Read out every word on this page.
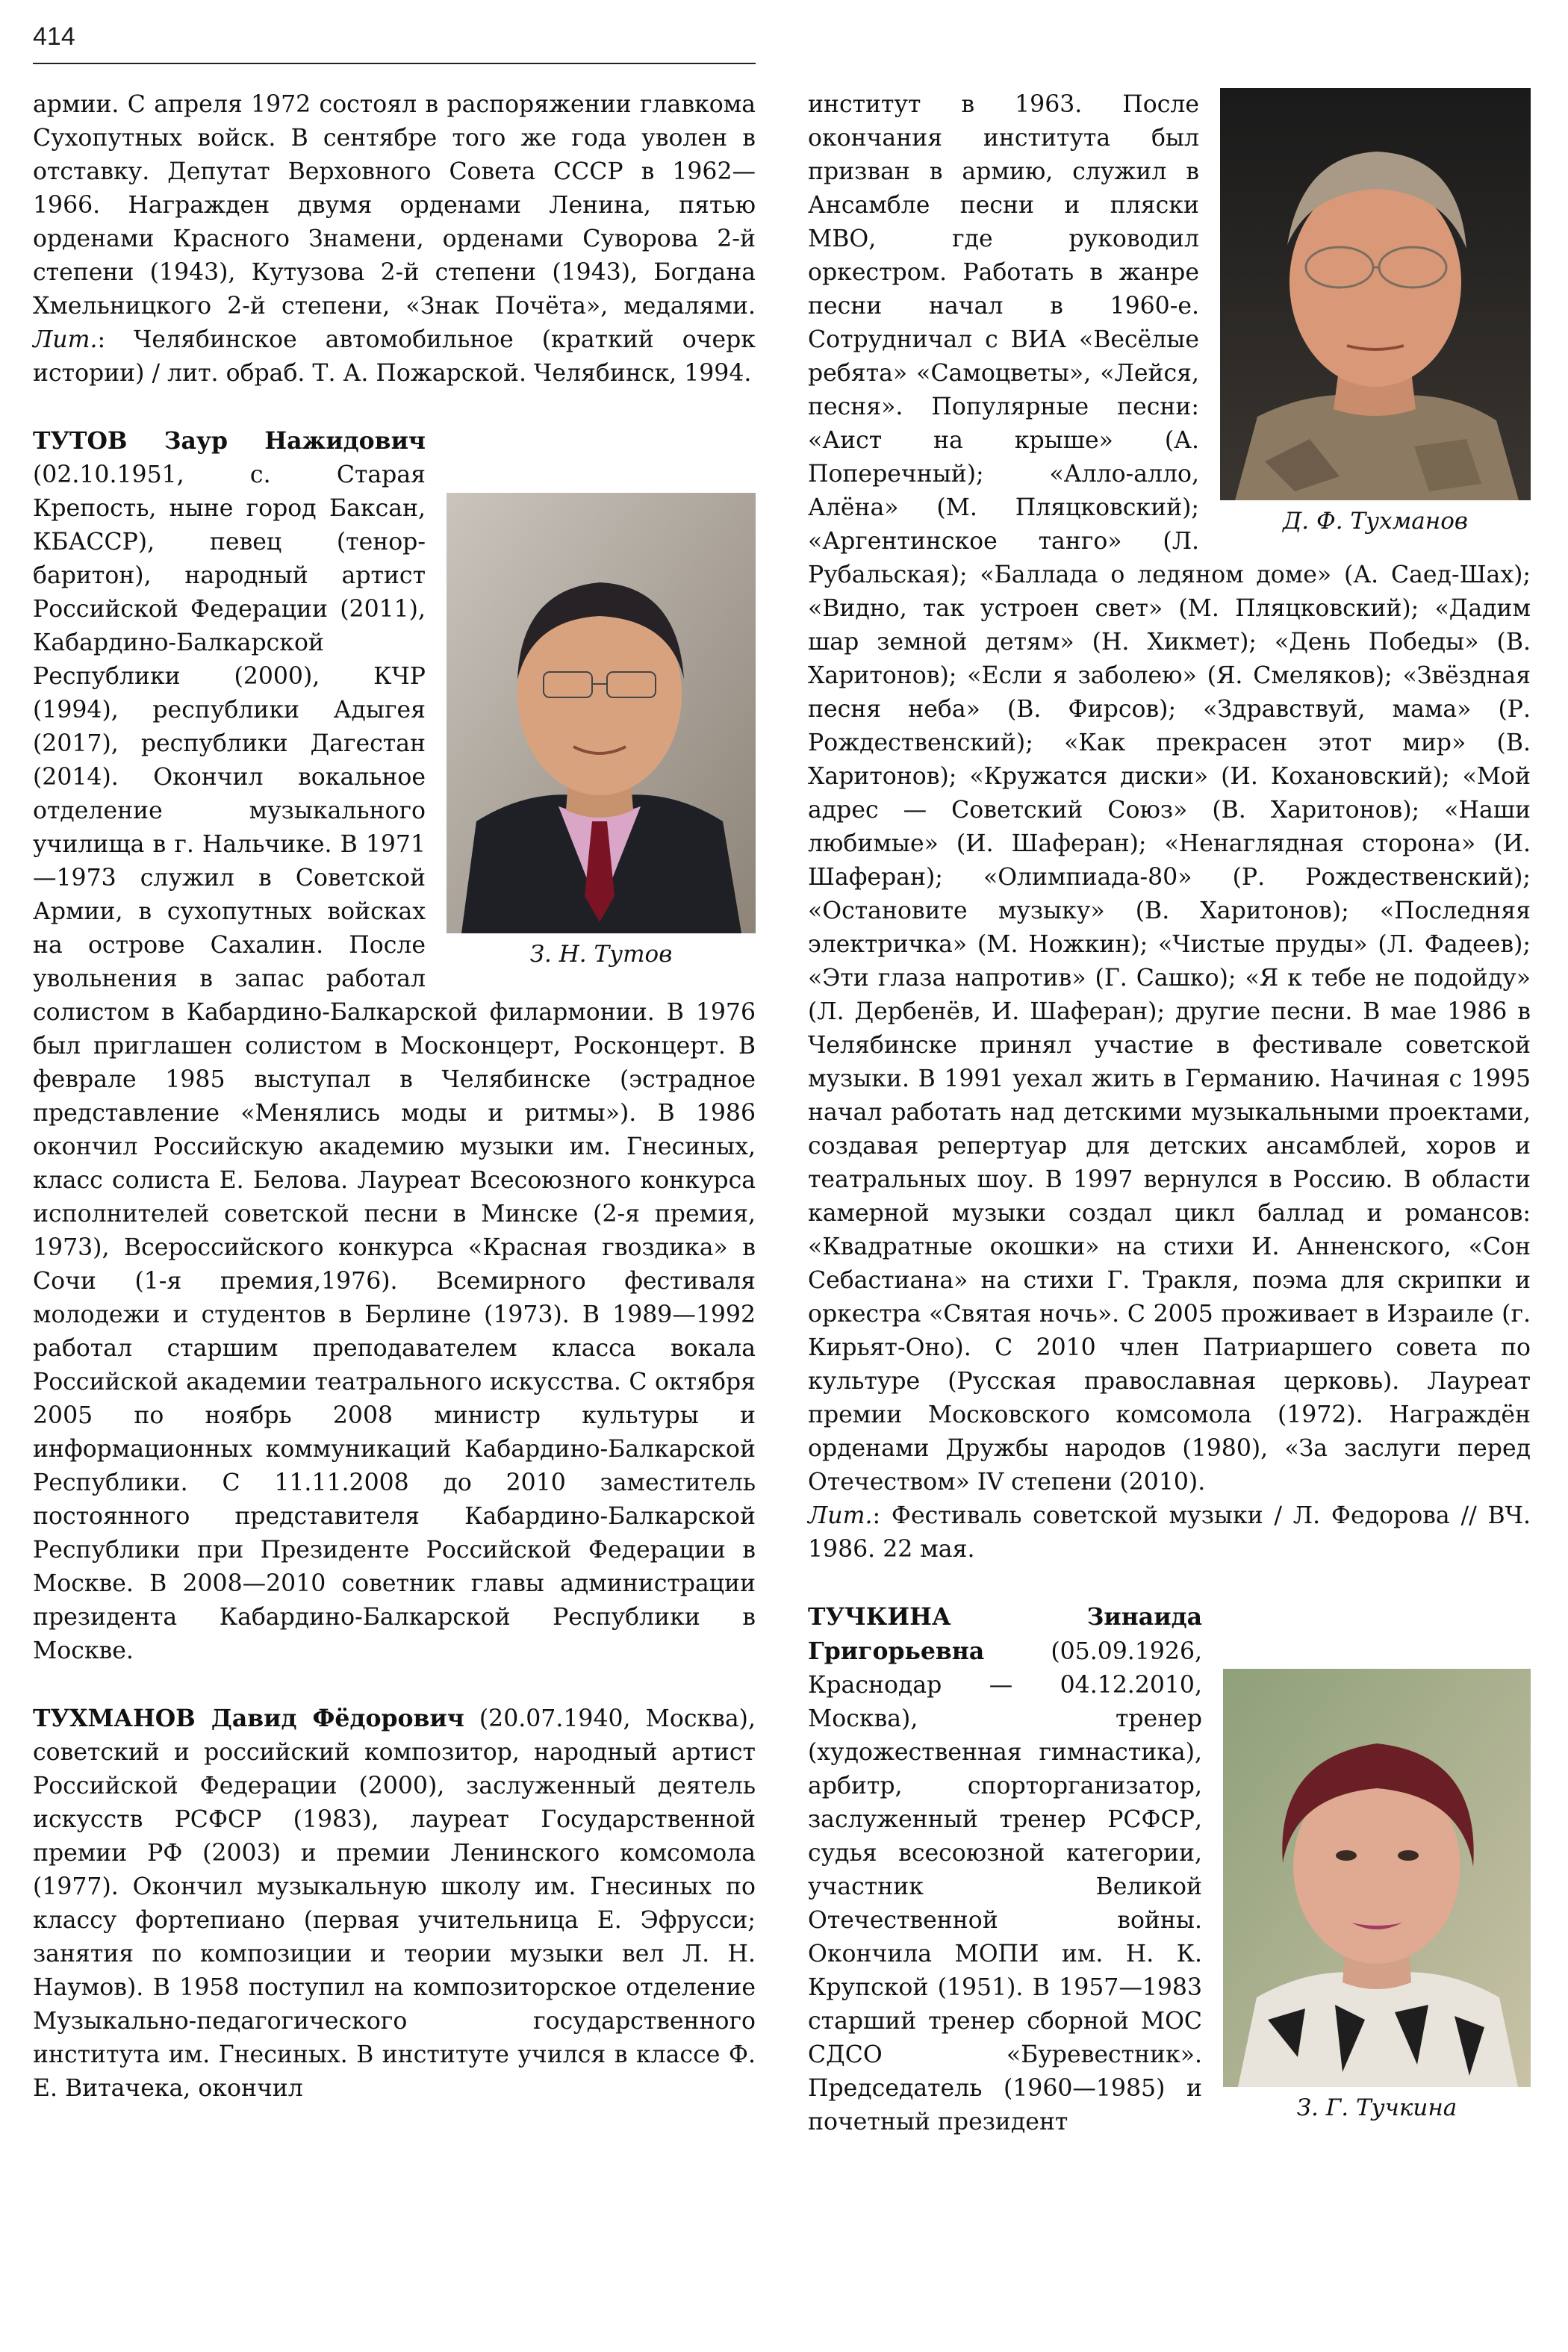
414

армии. С апреля 1972 состоял в распоряжении главкома Сухопутных войск. В сентябре того же года уволен в отставку. Депутат Верховного Совета СССР в 1962—1966. Награжден двумя орденами Ленина, пятью орденами Красного Знамени, орденами Суворова 2-й степени (1943), Кутузова 2-й степени (1943), Богдана Хмельницкого 2-й степени, «Знак Почёта», медалями. Лит.: Челябинское автомобильное (краткий очерк истории) / лит. обраб. Т. А. Пожарской. Челябинск, 1994.

З. Н. Тутов
ТУТОВ Заур Нажидович (02.10.1951, с. Старая Крепость, ныне город Баксан, КБАССР), певец (тенор-баритон), народный артист Российской Федерации (2011), Кабардино-Балкарской Республики (2000), КЧР (1994), республики Адыгея (2017), республики Дагестан (2014). Окончил вокальное отделение музыкального училища в г. Нальчике. В 1971—1973 служил в Советской Армии, в сухопутных войсках на острове Сахалин. После увольнения в запас работал солистом в Кабардино-Балкарской филармонии. В 1976 был приглашен солистом в Москонцерт, Росконцерт. В феврале 1985 выступал в Челябинске (эстрадное представление «Менялись моды и ритмы»). В 1986 окончил Российскую академию музыки им. Гнесиных, класс солиста Е. Белова. Лауреат Всесоюзного конкурса исполнителей советской песни в Минске (2-я премия, 1973), Всероссийского конкурса «Красная гвоздика» в Сочи (1-я премия,1976). Всемирного фестиваля молодежи и студентов в Берлине (1973). В 1989—1992 работал старшим преподавателем класса вокала Российской академии театрального искусства. С октября 2005 по ноябрь 2008 министр культуры и информационных коммуникаций Кабардино-Балкарской Республики. С 11.11.2008 до 2010 заместитель постоянного представителя Кабардино-Балкарской Республики при Президенте Российской Федерации в Москве. В 2008—2010 советник главы администрации президента Кабардино-Балкарской Республики в Москве.

ТУХМАНОВ Давид Фёдорович (20.07.1940, Москва), советский и российский композитор, народный артист Российской Федерации (2000), заслуженный деятель искусств РСФСР (1983), лауреат Государственной премии РФ (2003) и премии Ленинского комсомола (1977). Окончил музыкальную школу им. Гнесиных по классу фортепиано (первая учительница Е. Эфрусси; занятия по композиции и теории музыки вел Л. Н. Наумов). В 1958 поступил на композиторское отделение Музыкально-педагогического государственного института им. Гнесиных. В институте учился в классе Ф. Е. Витачека, окончил

Д. Ф. Тухманов
институт в 1963. После окончания института был призван в армию, служил в Ансамбле песни и пляски МВО, где руководил оркестром. Работать в жанре песни начал в 1960-е. Сотрудничал с ВИА «Весёлые ребята» «Самоцветы», «Лейся, песня». Популярные песни: «Аист на крыше» (А. Поперечный); «Алло-алло, Алёна» (М. Пляцковский); «Аргентинское танго» (Л. Рубальская); «Баллада о ледяном доме» (А. Саед-Шах); «Видно, так устроен свет» (М. Пляцковский); «Дадим шар земной детям» (Н. Хикмет); «День Победы» (В. Харитонов); «Если я заболею» (Я. Смеляков); «Звёздная песня неба» (В. Фирсов); «Здравствуй, мама» (Р. Рождественский); «Как прекрасен этот мир» (В. Харитонов); «Кружатся диски» (И. Кохановский); «Мой адрес — Советский Союз» (В. Харитонов); «Наши любимые» (И. Шаферан); «Ненаглядная сторона» (И. Шаферан); «Олимпиада-80» (Р. Рождественский); «Остановите музыку» (В. Харитонов); «Последняя электричка» (М. Ножкин); «Чистые пруды» (Л. Фадеев); «Эти глаза напротив» (Г. Сашко); «Я к тебе не подойду» (Л. Дербенёв, И. Шаферан); другие песни. В мае 1986 в Челябинске принял участие в фестивале советской музыки. В 1991 уехал жить в Германию. Начиная с 1995 начал работать над детскими музыкальными проектами, создавая репертуар для детских ансамблей, хоров и театральных шоу. В 1997 вернулся в Россию. В области камерной музыки создал цикл баллад и романсов: «Квадратные окошки» на стихи И. Анненского, «Сон Себастиана» на стихи Г. Тракля, поэма для скрипки и оркестра «Святая ночь». С 2005 проживает в Израиле (г. Кирьят-Оно). С 2010 член Патриаршего совета по культуре (Русская православная церковь). Лауреат премии Московского комсомола (1972). Награждён орденами Дружбы народов (1980), «За заслуги перед Отечеством» IV степени (2010).

Лит.: Фестиваль советской музыки / Л. Федорова // ВЧ. 1986. 22 мая.

З. Г. Тучкина
ТУЧКИНА Зинаида Григорьевна (05.09.1926, Краснодар — 04.12.2010, Москва), тренер (художественная гимнастика), арбитр, спорторганизатор, заслуженный тренер РСФСР, судья всесоюзной категории, участник Великой Отечественной войны. Окончила МОПИ им. Н. К. Крупской (1951). В 1957—1983 старший тренер сборной МОС СДСО «Буревестник». Председатель (1960—1985) и почетный президент
